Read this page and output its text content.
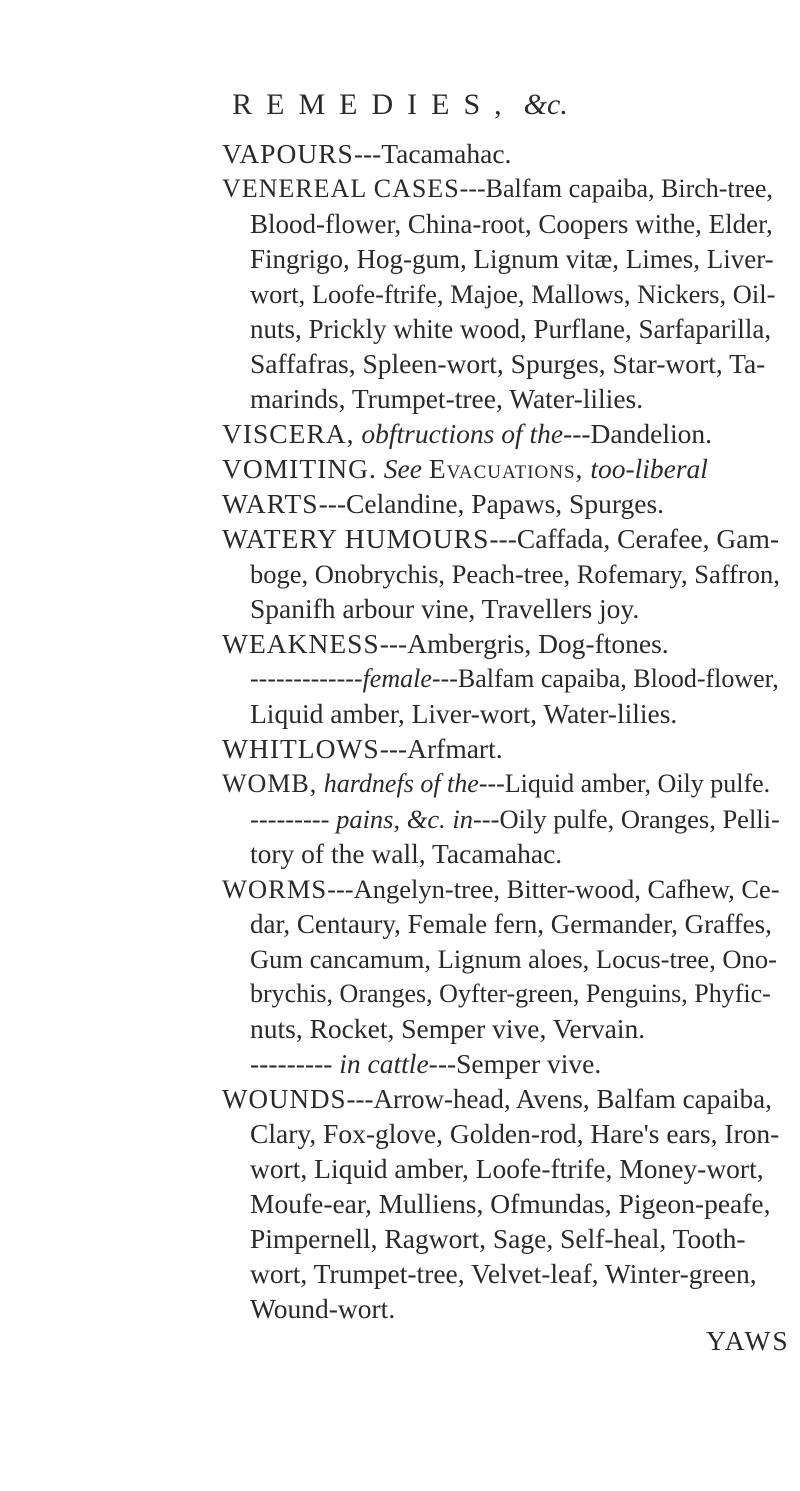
REMEDIES, &c.
VAPOURS---Tacamahac.
VENEREAL CASES---Balfam capaiba, Birch-tree,
Blood-flower, China-root, Coopers withe, Elder,
Fingrigo, Hog-gum, Lignum vitæ, Limes, Liver-
wort, Loofe-ftrife, Majoe, Mallows, Nickers, Oil-
nuts, Prickly white wood, Purflane, Sarfaparilla,
Saffafras, Spleen-wort, Spurges, Star-wort, Ta-
marinds, Trumpet-tree, Water-lilies.
VISCERA, obftructions of the---Dandelion.
VOMITING. See Evacuations, too-liberal
WARTS---Celandine, Papaws, Spurges.
WATERY HUMOURS---Caffada, Cerafee, Gam-
boge, Onobrychis, Peach-tree, Rofemary, Saffron,
Spanifh arbour vine, Travellers joy.
WEAKNESS---Ambergris, Dog-ftones.
-------------female---Balfam capaiba, Blood-flower,
Liquid amber, Liver-wort, Water-lilies.
WHITLOWS---Arfmart.
WOMB, hardnefs of the---Liquid amber, Oily pulfe.
--------- pains, &c. in---Oily pulfe, Oranges, Pelli-
tory of the wall, Tacamahac.
WORMS---Angelyn-tree, Bitter-wood, Cafhew, Ce-
dar, Centaury, Female fern, Germander, Graffes,
Gum cancamum, Lignum aloes, Locus-tree, Ono-
brychis, Oranges, Oyfter-green, Penguins, Phyfic-
nuts, Rocket, Semper vive, Vervain.
--------- in cattle---Semper vive.
WOUNDS---Arrow-head, Avens, Balfam capaiba,
Clary, Fox-glove, Golden-rod, Hare's ears, Iron-
wort, Liquid amber, Loofe-ftrife, Money-wort,
Moufe-ear, Mulliens, Ofmundas, Pigeon-peafe,
Pimpernell, Ragwort, Sage, Self-heal, Tooth-
wort, Trumpet-tree, Velvet-leaf, Winter-green,
Wound-wort.
YAWS
